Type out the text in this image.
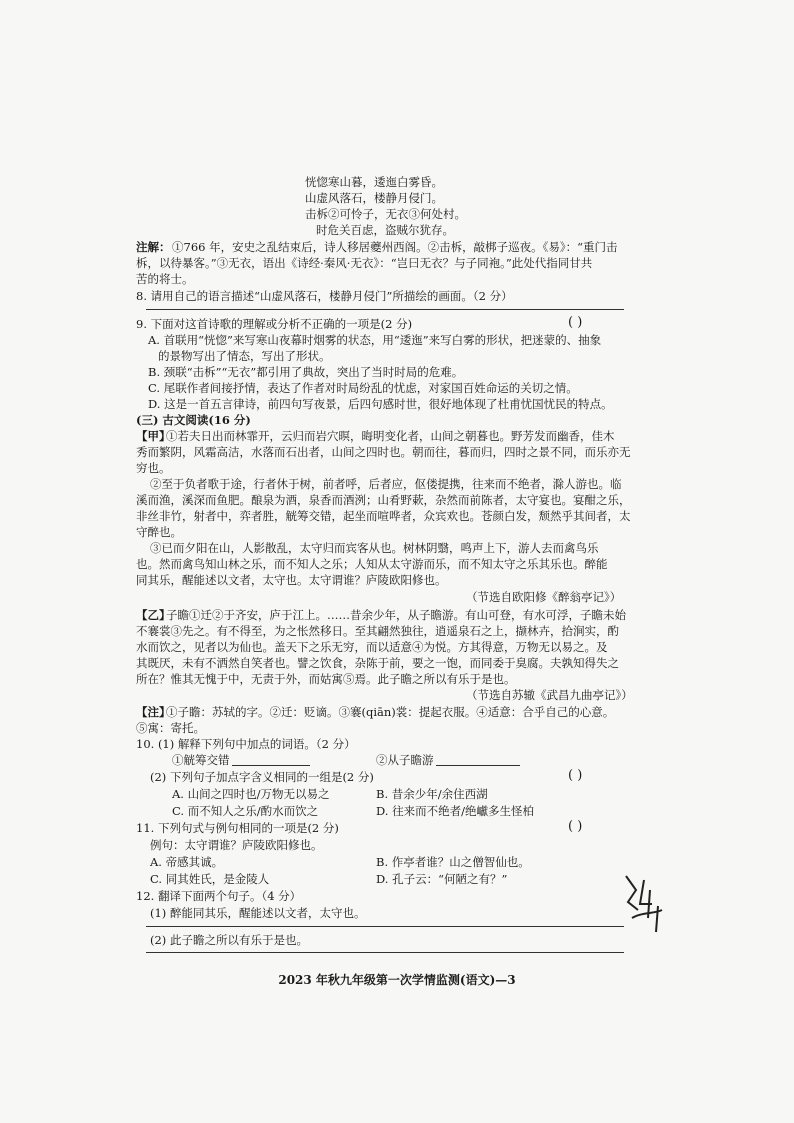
恍惚寒山暮，逶迤白雾昏。
山虚风落石，楼静月侵门。
击柝②可怜子，无衣③何处村。
时危关百虑，盗贼尔犹存。
注解： ①766 年，安史之乱结束后，诗人移居夔州西阁。②击柝，敲梆子巡夜。《易》：“重门击
柝，以待暴客。”③无衣，语出《诗经·秦风·无衣》：“岂曰无衣？与子同袍。”此处代指同甘共
苦的将士。
8. 请用自己的语言描述“山虚风落石，楼静月侵门”所描绘的画面。（2 分）
9. 下面对这首诗歌的理解或分析不正确的一项是(2 分)	( )
A. 首联用“恍惚”来写寒山夜幕时烟雾的状态，用“逶迤”来写白雾的形状，把迷蒙的、抽象
的景物写出了情态，写出了形状。
B. 颈联“击柝”“无衣”都引用了典故，突出了当时时局的危难。
C. 尾联作者间接抒情，表达了作者对时局纷乱的忧虑，对家国百姓命运的关切之情。
D. 这是一首五言律诗，前四句写夜景，后四句感时世，很好地体现了杜甫忧国忧民的特点。
(三) 古文阅读(16 分)
【甲】
①若夫日出而林霏开，云归而岩穴暝，晦明变化者，山间之朝暮也。野芳发而幽香，佳木
秀而繁阴，风霜高洁，水落而石出者，山间之四时也。朝而往，暮而归，四时之景不同，而乐亦无
穷也。
②至于负者歌于途，行者休于树，前者呼，后者应，伛偻提携，往来而不绝者，滁人游也。临
溪而渔，溪深而鱼肥。酿泉为酒，泉香而酒洌；山肴野蔌，杂然而前陈者，太守宴也。宴酣之乐，
非丝非竹，射者中，弈者胜，觥筹交错，起坐而喧哗者，众宾欢也。苍颜白发，颓然乎其间者，太
守醉也。
③已而夕阳在山，人影散乱，太守归而宾客从也。树林阴翳，鸣声上下，游人去而禽鸟乐
也。然而禽鸟知山林之乐，而不知人之乐；人知从太守游而乐，而不知太守之乐其乐也。醉能
同其乐，醒能述以文者，太守也。太守谓谁？庐陵欧阳修也。
（节选自欧阳修《醉翁亭记》）
【乙】
子瞻①迁②于齐安，庐于江上。……昔余少年，从子瞻游。有山可登，有水可浮，子瞻未始
不褰裳③先之。有不得至，为之怅然移日。至其翩然独往，逍遥泉石之上，撷林卉，拾涧实，酌
水而饮之，见者以为仙也。盖天下之乐无穷，而以适意④为悦。方其得意，万物无以易之。及
其既厌，未有不洒然自笑者也。譬之饮食，杂陈于前，要之一饱，而同委于臭腐。夫孰知得失之
所在？惟其无愧于中，无责于外，而姑寓⑤焉。此子瞻之所以有乐于是也。
（节选自苏辙《武昌九曲亭记》）
【注】
①子瞻：苏轼的字。②迁：贬谪。③褰(qiān)裳：提起衣服。④适意：合乎自己的心意。
⑤寓：寄托。
10. (1) 解释下列句中加点的词语。（2 分）
①觥筹交错	②从子瞻游
(2) 下列句子加点字含义相同的一组是(2 分)	( )
A. 山间之四时也/万物无以易之	B. 昔余少年/余住西湖
C. 而不知人之乐/酌水而饮之	D. 往来而不绝者/绝巘多生怪柏
11. 下列句式与例句相同的一项是(2 分)	( )
例句：太守谓谁？庐陵欧阳修也。
A. 帝感其诚。	B. 作亭者谁？山之僧智仙也。
C. 同其姓氏，是金陵人	D. 孔子云：“何陋之有？”
12. 翻译下面两个句子。（4 分）
(1) 醉能同其乐，醒能述以文者，太守也。
(2) 此子瞻之所以有乐于是也。
2023 年秋九年级第一次学情监测(语文)—3
